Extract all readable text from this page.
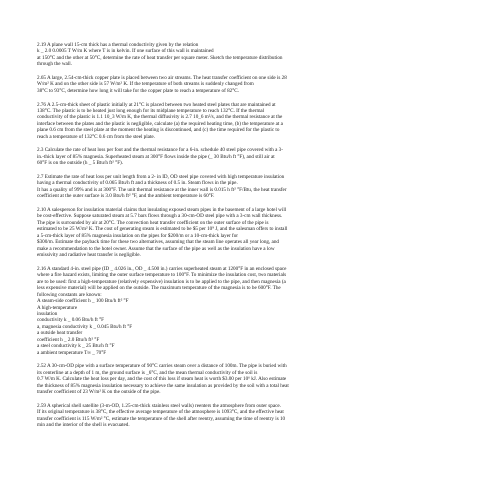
2.19 A plane wall 15-cm thick has a thermal conductivity given by the relation
k _ 2.0 0.0005 T W/m K where T is in kelvin. If one surface of this wall is maintained
at 150°C and the other at 50°C, determine the rate of heat transfer per square meter. Sketch the temperature distribution
through the wall.
2.65 A large, 2.54-cm-thick copper plate is placed between two air streams. The heat transfer coefficient on one side is 28
W/m² K and on the other side is 57 W/m² K. If the temperature of both streams is suddenly changed from
38°C to 93°C, determine how long it will take for the copper plate to reach a temperature of 82°C.
2.76 A 2.5-cm-thick sheet of plastic initially at 21°C is placed between two heated steel plates that are maintained at
138°C. The plastic is to be heated just long enough for its midplane temperature to reach 132°C. If the thermal
conductivity of the plastic is 1.1 10_3 W/m K, the thermal diffusivity is 2.7 10_6 m²/s, and the thermal resistance at the
interface between the plates and the plastic is negligible, calculate (a) the required heating time, (b) the temperature at a
plane 0.6 cm from the steel plate at the moment the heating is discontinued, and (c) the time required for the plastic to
reach a temperature of 132°C 0.6 cm from the steel plate.
2.3 Calculate the rate of heat loss per foot and the thermal resistance for a 6-in. schedule 40 steel pipe covered with a 3-
in.-thick layer of 85% magnesia. Superheated steam at 300°F flows inside the pipe (_ 30 Btu/h ft °F), and still air at
60°F is on the outside (h _ 5 Btu/h ft² °F).
2.7 Estimate the rate of heat loss per unit length from a 2- in ID, OD steel pipe covered with high temperature insulation
having a thermal conductivity of 0.065 Btu/h ft and a thickness of 0.5 in. Steam flows in the pipe.
It has a quality of 99% and is at 300°F. The unit thermal resistance at the inner wall is 0.015 h ft² °F/Btu, the heat transfer
coefficient at the outer surface is 3.0 Btu/h ft² °F, and the ambient temperature is 60°F.
2.10 A salesperson for insulation material claims that insulating exposed steam pipes in the basement of a large hotel will
be cost-effective. Suppose saturated steam at 5.7 bars flows through a 30-cm-OD steel pipe with a 3-cm wall thickness.
The pipe is surrounded by air at 20°C. The convection heat transfer coefficient on the outer surface of the pipe is
estimated to be 25 W/m² K. The cost of generating steam is estimated to be $5 per 10⁹ J, and the salesman offers to install
a 5-cm-thick layer of 85% magnesia insulation on the pipes for $200/m or a 10-cm-thick layer for
$300/m. Estimate the payback time for these two alternatives, assuming that the steam line operates all year long, and
make a recommendation to the hotel owner. Assume that the surface of the pipe as well as the insulation have a low
emissivity and radiative heat transfer is negligible.
2.16 A standard 4-in. steel pipe (ID _ 4.026 in., OD _ 4.500 in.) carries superheated steam at 1200°F in an enclosed space
where a fire hazard exists, limiting the outer surface temperature to 100°F. To minimize the insulation cost, two materials
are to be used: first a high-temperature (relatively expensive) insulation is to be applied to the pipe, and then magnesia (a
less expensive material) will be applied on the outside. The maximum temperature of the magnesia is to be 600°F. The
following constants are known:
A steam-side coefficient h _ 100 Btu/h ft² °F
A high-temperature
insulation
conductivity k _ 0.06 Btu/h ft °F
a, magnesia conductivity k _ 0.045 Btu/h ft °F
a outside heat transfer
coefficient h _ 2.0 Btu/h ft² °F
a steel conductivity k _ 25 Btu/h ft °F
a ambient temperature T∞ _ 70°F
2.52 A 30-cm-OD pipe with a surface temperature of 90°C carries steam over a distance of 100m. The pipe is buried with
its centerline at a depth of 1 m, the ground surface is _6°C, and the mean thermal conductivity of the soil is
0.7 W/m K. Calculate the heat loss per day, and the cost of this loss if steam heat is worth $3.00 per 10⁶ kJ. Also estimate
the thickness of 85% magnesia insulation necessary to achieve the same insulation as provided by the soil with a total heat
transfer coefficient of 23 W/m² K on the outside of the pipe.
2.59 A spherical shell satellite (3-m-OD, 1.25-cm-thick stainless steel walls) reenters the atmosphere from outer space.
If its original temperature is 38°C, the effective average temperature of the atmosphere is 1093°C, and the effective heat
transfer coefficient is 115 W/m² °C, estimate the temperature of the shell after reentry, assuming the time of reentry is 10
min and the interior of the shell is evacuated.
